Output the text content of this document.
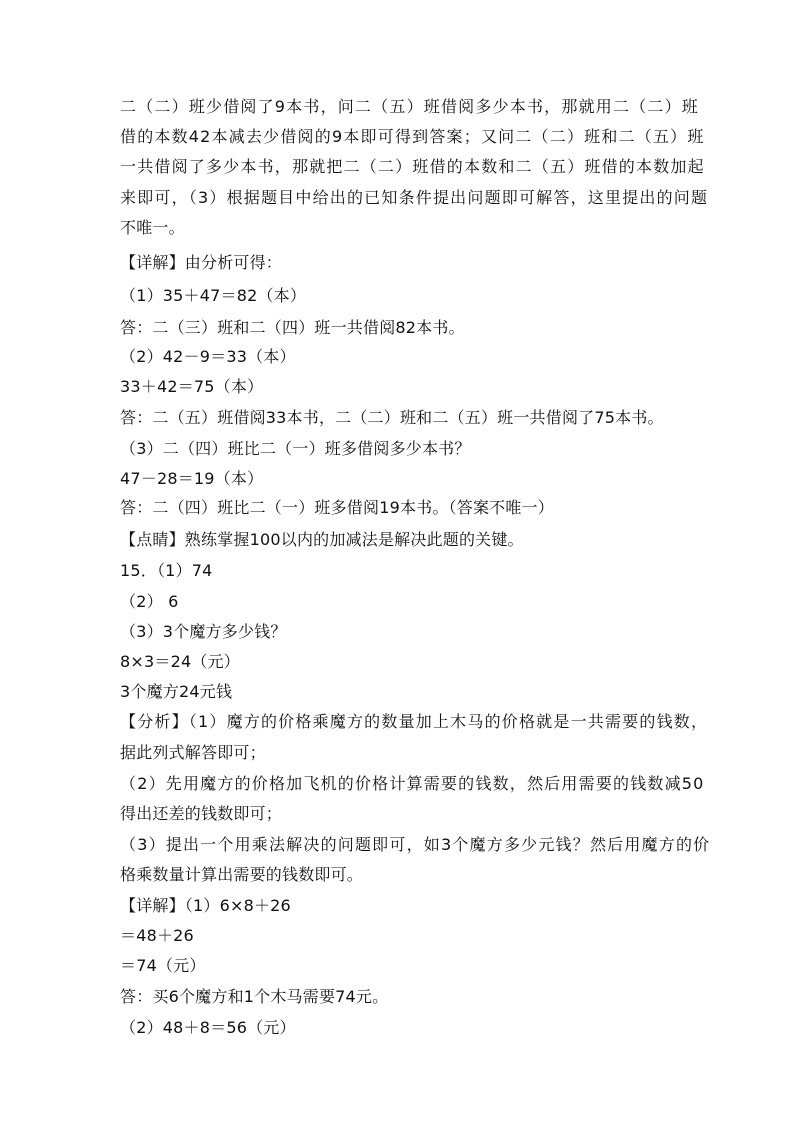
二（二）班少借阅了9本书，问二（五）班借阅多少本书，那就用二（二）班
借的本数42本减去少借阅的9本即可得到答案；又问二（二）班和二（五）班
一共借阅了多少本书，那就把二（二）班借的本数和二（五）班借的本数加起
来即可，（3）根据题目中给出的已知条件提出问题即可解答，这里提出的问题
不唯一。
【详解】由分析可得：
（1）35＋47＝82（本）
答：二（三）班和二（四）班一共借阅82本书。
（2）42－9＝33（本）
33＋42＝75（本）
答：二（五）班借阅33本书，二（二）班和二（五）班一共借阅了75本书。
（3）二（四）班比二（一）班多借阅多少本书？
47－28＝19（本）
答：二（四）班比二（一）班多借阅19本书。（答案不唯一）
【点睛】熟练掌握100以内的加减法是解决此题的关键。
15．（1）74
（2） 6
（3）3个魔方多少钱？
8×3＝24（元）
3个魔方24元钱
【分析】（1）魔方的价格乘魔方的数量加上木马的价格就是一共需要的钱数，
据此列式解答即可；
（2）先用魔方的价格加飞机的价格计算需要的钱数，然后用需要的钱数减50
得出还差的钱数即可；
（3）提出一个用乘法解决的问题即可，如3个魔方多少元钱？然后用魔方的价
格乘数量计算出需要的钱数即可。
【详解】（1）6×8＋26
＝48＋26
＝74（元）
答：买6个魔方和1个木马需要74元。
（2）48＋8＝56（元）
